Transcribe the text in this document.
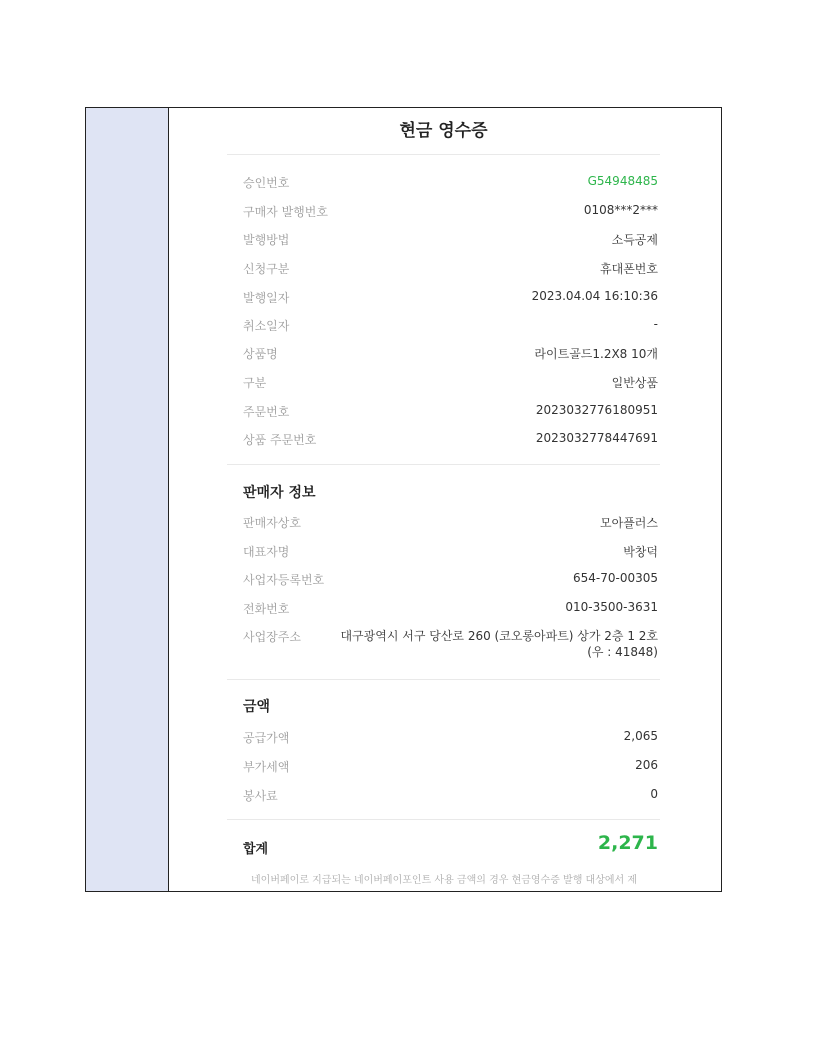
현금 영수증
승인번호	G54948485
구매자 발행번호	0108***2***
발행방법	소득공제
신청구분	휴대폰번호
발행일자	2023.04.04 16:10:36
취소일자	-
상품명	라이트골드1.2X8 10개
구분	일반상품
주문번호	2023032776180951
상품 주문번호	2023032778447691
판매자 정보
판매자상호	모아플러스
대표자명	박창덕
사업자등록번호	654-70-00305
전화번호	010-3500-3631
사업장주소	대구광역시 서구 당산로 260 (코오롱아파트) 상가 2층 1 2호 (우 : 41848)
금액
공급가액	2,065
부가세액	206
봉사료	0
합계	2,271
네이버페이로 지급되는 네이버페이포인트 사용 금액의 경우 현금영수증 발행 대상에서 제
